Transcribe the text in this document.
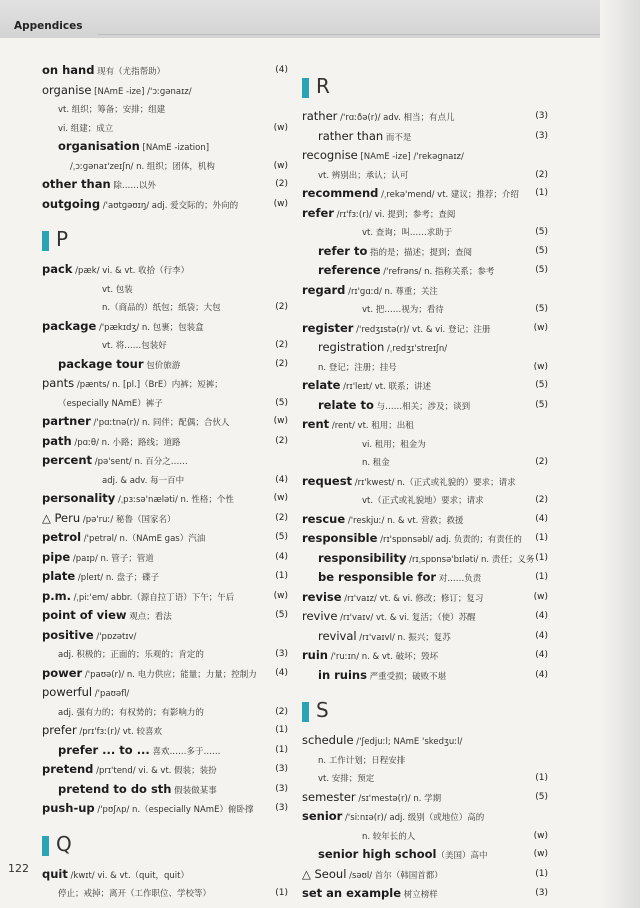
Appendices
on hand 现有（尤指帮助）	(4)
organise [NAmE -ize] /'ɔːɡənaɪz/
vt. 组织；筹备；安排；组建
vi. 组建；成立	(w)
organisation [NAmE -ization]
/ˌɔːɡənaɪ'zeɪʃn/ n. 组织；团体，机构	(w)
other than 除……以外	(2)
outgoing /'aʊtɡəʊɪŋ/ adj. 爱交际的；外向的	(w)
P
pack /pæk/ vi. & vt. 收拾（行李）
vt. 包装
n.（商品的）纸包；纸袋；大包	(2)
package /'pækɪdʒ/ n. 包裹；包装盒
vt. 将……包装好	(2)
package tour 包价旅游	(2)
pants /pænts/ n. [pl.]（BrE）内裤；短裤；
（especially NAmE）裤子	(5)
partner /'pɑːtnə(r)/ n. 同伴；配偶；合伙人	(w)
path /pɑːθ/ n. 小路；路线；道路	(2)
percent /pə'sent/ n. 百分之……
adj. & adv. 每一百中	(4)
personality /ˌpɜːsə'næləti/ n. 性格；个性	(w)
△ Peru /pə'ruː/ 秘鲁（国家名）	(2)
petrol /'petrəl/ n.（NAmE gas）汽油	(5)
pipe /paɪp/ n. 管子；管道	(4)
plate /pleɪt/ n. 盘子；碟子	(1)
p.m. /ˌpiː'em/ abbr.（源自拉丁语）下午；午后	(w)
point of view 观点；看法	(5)
positive /'pɒzətɪv/
adj. 积极的；正面的；乐观的；肯定的	(3)
power /'paʊə(r)/ n. 电力供应；能量；力量；控制力 (4)
powerful /'paʊəfl/
adj. 强有力的；有权势的；有影响力的	(2)
prefer /prɪ'fɜː(r)/ vt. 较喜欢	(1)
prefer ... to ... 喜欢……多于……	(1)
pretend /prɪ'tend/ vi. & vt. 假装；装扮	(3)
pretend to do sth 假装做某事	(3)
push-up /'pʊʃʌp/ n.（especially NAmE）俯卧撑 (3)
Q
quit /kwɪt/ vi. & vt.（quit，quit）
停止；戒掉；离开（工作职位、学校等）	(1)
R
rather /'rɑːðə(r)/ adv. 相当；有点儿	(3)
rather than 而不是	(3)
recognise [NAmE -ize] /'rekəɡnaɪz/
vt. 辨别出；承认；认可	(2)
recommend /ˌrekə'mend/ vt. 建议；推荐；介绍 (1)
refer /rɪ'fɜː(r)/ vi. 提到；参考；查阅
vt. 查询；叫……求助于	(5)
refer to 指的是；描述；提到；查阅	(5)
reference /'refrəns/ n. 指称关系；参考	(5)
regard /rɪ'ɡɑːd/ n. 尊重；关注
vt. 把……视为；看待	(5)
register /'redʒɪstə(r)/ vt. & vi. 登记；注册	(w)
registration /ˌredʒɪ'streɪʃn/
n. 登记；注册；挂号	(w)
relate /rɪ'leɪt/ vt. 联系；讲述	(5)
relate to 与……相关；涉及；谈到	(5)
rent /rent/ vt. 租用；出租
vi. 租用；租金为
n. 租金	(2)
request /rɪ'kwest/ n.（正式或礼貌的）要求；请求
vt.（正式或礼貌地）要求；请求	(2)
rescue /'reskjuː/ n. & vt. 营救；救援	(4)
responsible /rɪ'spɒnsəbl/ adj. 负责的；有责任的 (1)
responsibility /rɪˌspɒnsə'bɪləti/ n. 责任；义务 (1)
be responsible for 对……负责	(1)
revise /rɪ'vaɪz/ vt. & vi. 修改；修订；复习	(w)
revive /rɪ'vaɪv/ vt. & vi. 复活；（使）苏醒	(4)
revival /rɪ'vaɪvl/ n. 振兴；复苏	(4)
ruin /'ruːɪn/ n. & vt. 破坏；毁坏	(4)
in ruins 严重受损；破败不堪	(4)
S
schedule /'ʃedjuːl; NAmE 'skedʒuːl/
n. 工作计划；日程安排
vt. 安排；预定	(1)
semester /sɪ'mestə(r)/ n. 学期	(5)
senior /'siːnɪə(r)/ adj. 级别（或地位）高的
n. 较年长的人	(w)
senior high school（美国）高中	(w)
△ Seoul /səʊl/ 首尔（韩国首都）	(1)
set an example 树立榜样	(3)
122
